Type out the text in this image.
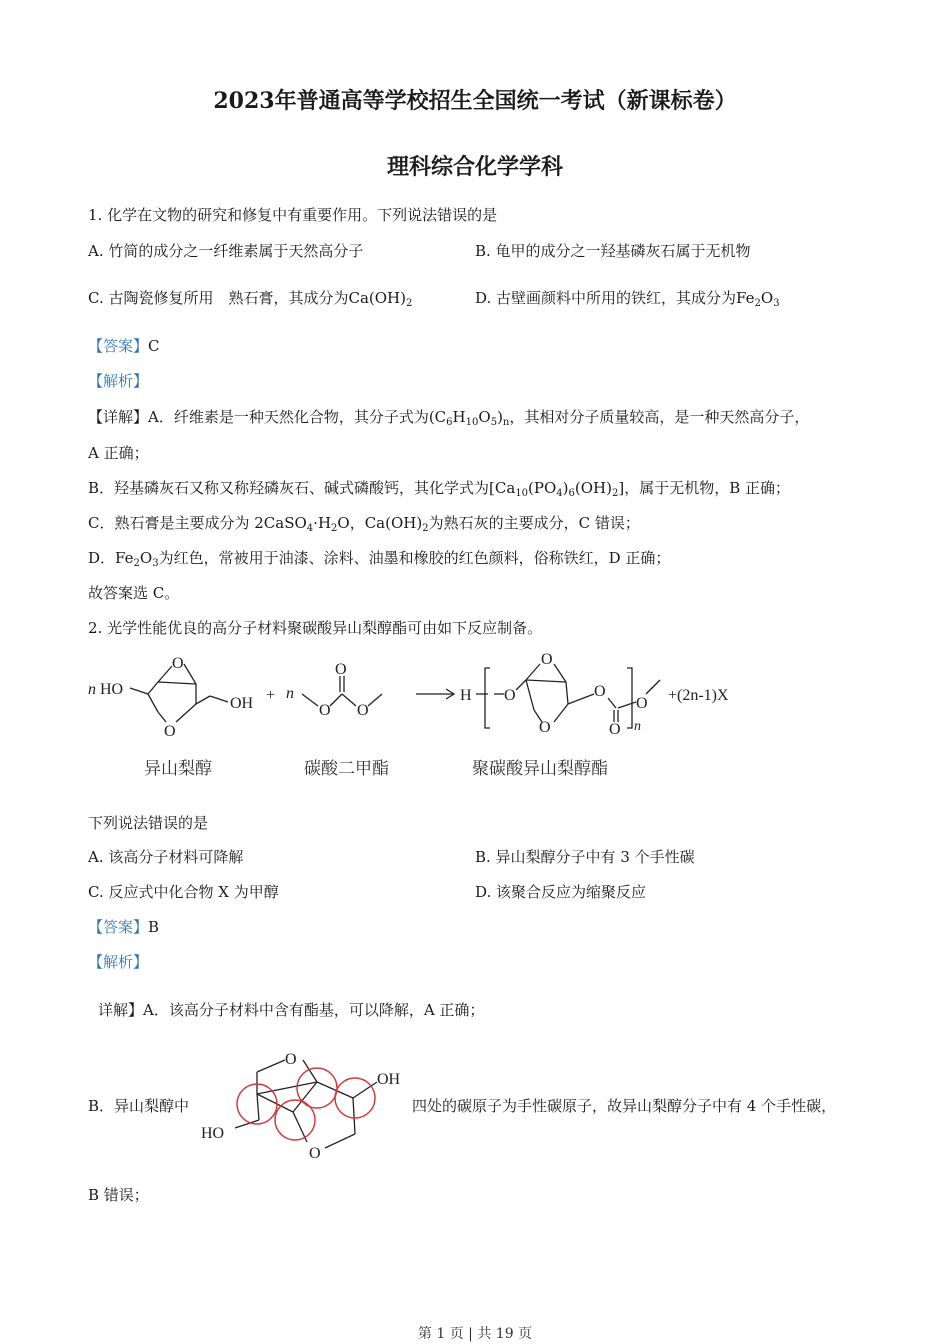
2023年普通高等学校招生全国统一考试（新课标卷）
理科综合化学学科
1. 化学在文物的研究和修复中有重要作用。下列说法错误的是
A. 竹简的成分之一纤维素属于天然高分子	B. 龟甲的成分之一羟基磷灰石属于无机物
C. 古陶瓷修复所用　熟石膏，其成分为$Ca(OH)_2$	D. 古壁画颜料中所用的铁红，其成分为$Fe_2O_3$
【答案】C
【解析】
【详解】A．纤维素是一种天然化合物，其分子式为$(C_6H_{10}O_5)_n$，其相对分子质量较高，是一种天然高分子，
A 正确；
B．羟基磷灰石又称又称羟磷灰石、碱式磷酸钙，其化学式为$[Ca_{10}(PO_4)_6(OH)_2]$，属于无机物，B 正确；
C．熟石膏是主要成分为 $2CaSO_4\cdot H_2O$，$Ca(OH)_2$为熟石灰的主要成分，C 错误；
D．$Fe_2O_3$为红色，常被用于油漆、涂料、油墨和橡胶的红色颜料，俗称铁红，D 正确；
故答案选 C。
2. 光学性能优良的高分子材料聚碳酸异山梨醇酯可由如下反应制备。
n HO
O
O
OH + n
O
O
O
H O
O
O
O
O
O
n
+(2n-1)X
异山梨醇	碳酸二甲酯	聚碳酸异山梨醇酯
下列说法错误的是
A. 该高分子材料可降解	B. 异山梨醇分子中有 3 个手性碳
C. 反应式中化合物 X 为甲醇	D. 该聚合反应为缩聚反应
【答案】B
【解析】
详解】A．该高分子材料中含有酯基，可以降解，A 正确；
B．异山梨醇中
OH
O
O
HO
四处的碳原子为手性碳原子，故异山梨醇分子中有 4 个手性碳，
B 错误；
第 1 页 | 共 19 页
